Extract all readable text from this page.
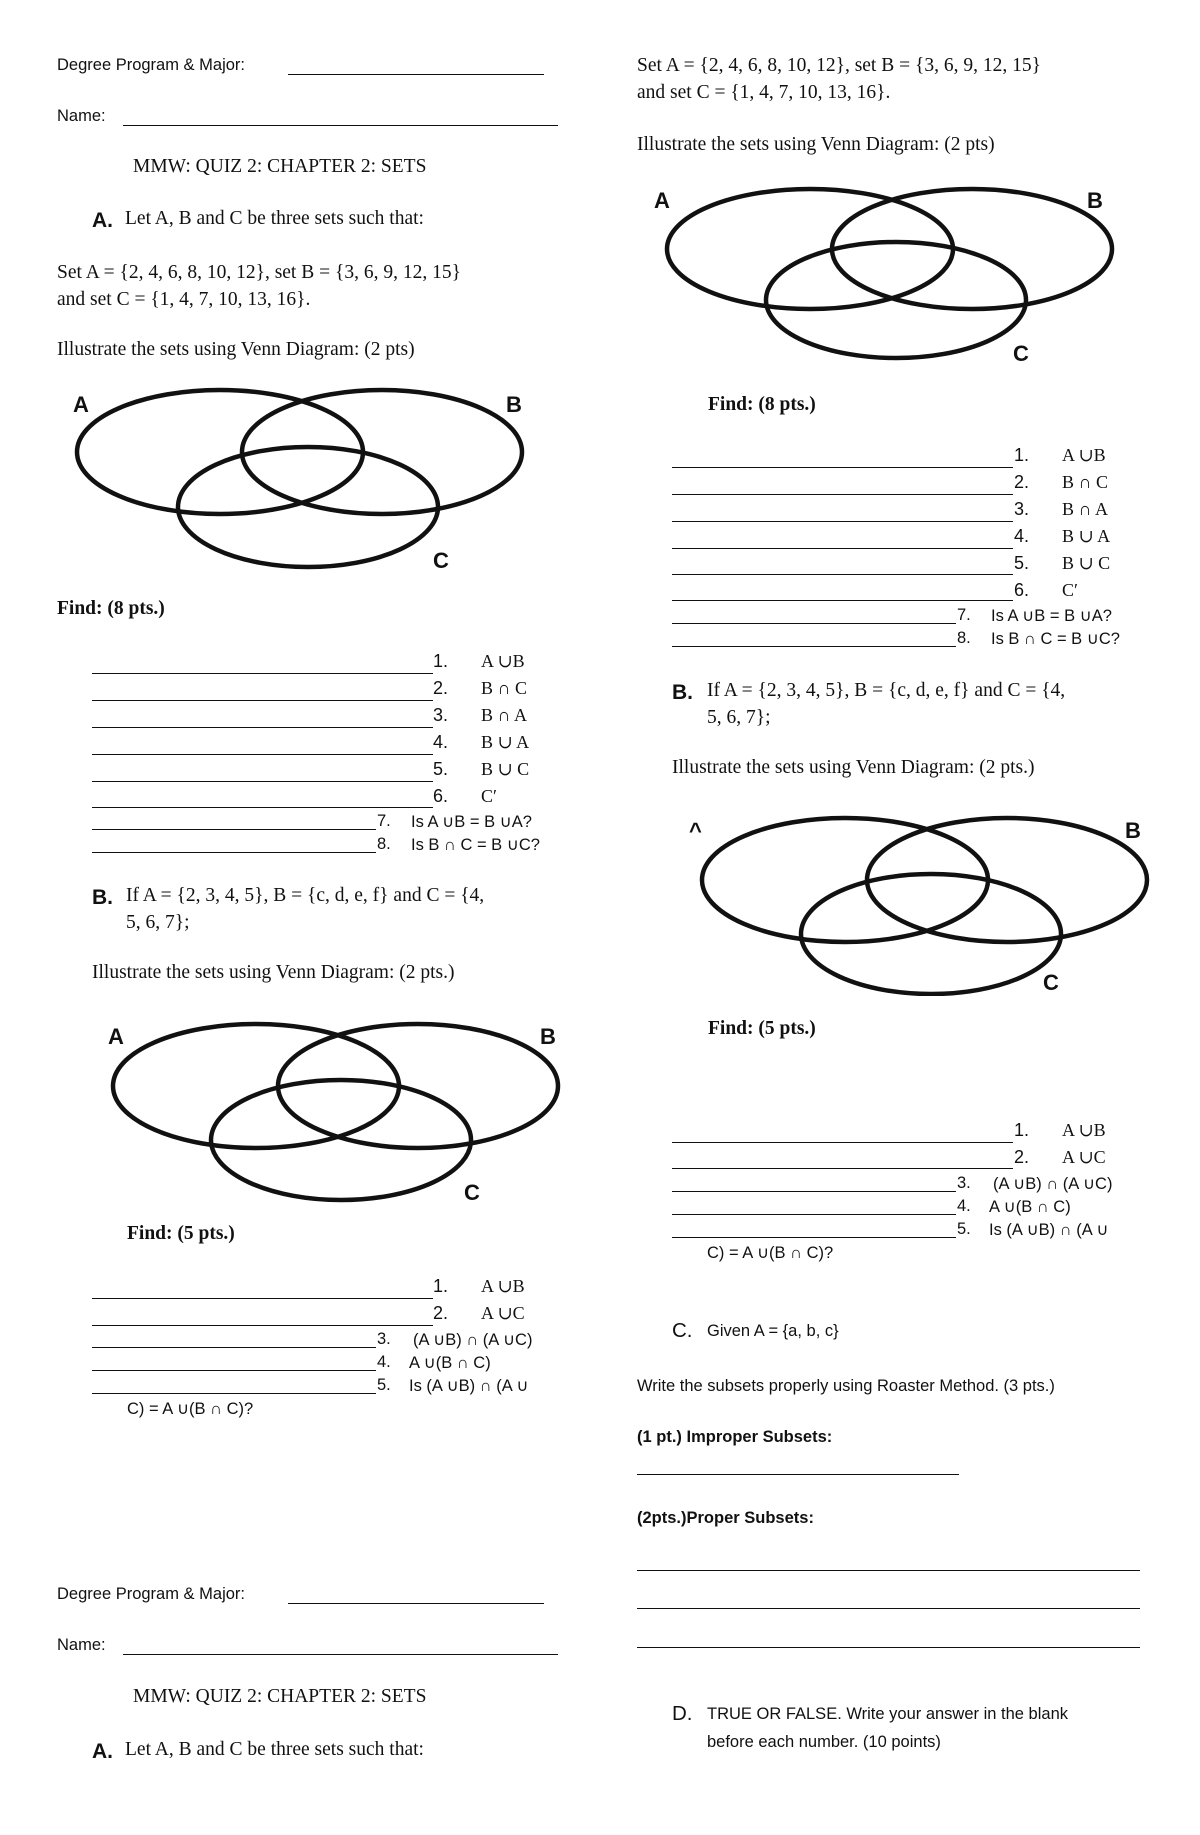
Degree Program & Major:
Name:
MMW: QUIZ 2: CHAPTER 2: SETS
A. Let A, B and C be three sets such that:
Set A = {2, 4, 6, 8, 10, 12}, set B = {3, 6, 9, 12, 15}
and set C = {1, 4, 7, 10, 13, 16}.
Illustrate the sets using Venn Diagram: (2 pts)
A	B
C
Find: (8 pts.)
1. A ∪B
2. B ∩ C
3. B ∩ A
4. B ∪ A
5. B ∪ C
6. C′
7. Is A ∪B = B ∪A?
8. Is B ∩ C = B ∪C?
B. If A = {2, 3, 4, 5}, B = {c, d, e, f} and C = {4,
5, 6, 7};
Illustrate the sets using Venn Diagram: (2 pts.)
A	B
C
Find: (5 pts.)
1. A ∪B
2. A ∪C
3. (A ∪B) ∩ (A ∪C)
4. A ∪(B ∩ C)
5. Is (A ∪B) ∩ (A ∪
C) = A ∪(B ∩ C)?
Degree Program & Major:
Name:
MMW: QUIZ 2: CHAPTER 2: SETS
A. Let A, B and C be three sets such that:
Set A = {2, 4, 6, 8, 10, 12}, set B = {3, 6, 9, 12, 15}
and set C = {1, 4, 7, 10, 13, 16}.
Illustrate the sets using Venn Diagram: (2 pts)
A	B
C
Find: (8 pts.)
1. A ∪B
2. B ∩ C
3. B ∩ A
4. B ∪ A
5. B ∪ C
6. C′
7. Is A ∪B = B ∪A?
8. Is B ∩ C = B ∪C?
B. If A = {2, 3, 4, 5}, B = {c, d, e, f} and C = {4,
5, 6, 7};
Illustrate the sets using Venn Diagram: (2 pts.)
^	B
C
Find: (5 pts.)
1. A ∪B
2. A ∪C
3. (A ∪B) ∩ (A ∪C)
4. A ∪(B ∩ C)
5. Is (A ∪B) ∩ (A ∪
C) = A ∪(B ∩ C)?
C. Given A = {a, b, c}
Write the subsets properly using Roaster Method. (3 pts.)
(1 pt.) Improper Subsets:
(2pts.)Proper Subsets:
D. TRUE OR FALSE. Write your answer in the blank
before each number. (10 points)
